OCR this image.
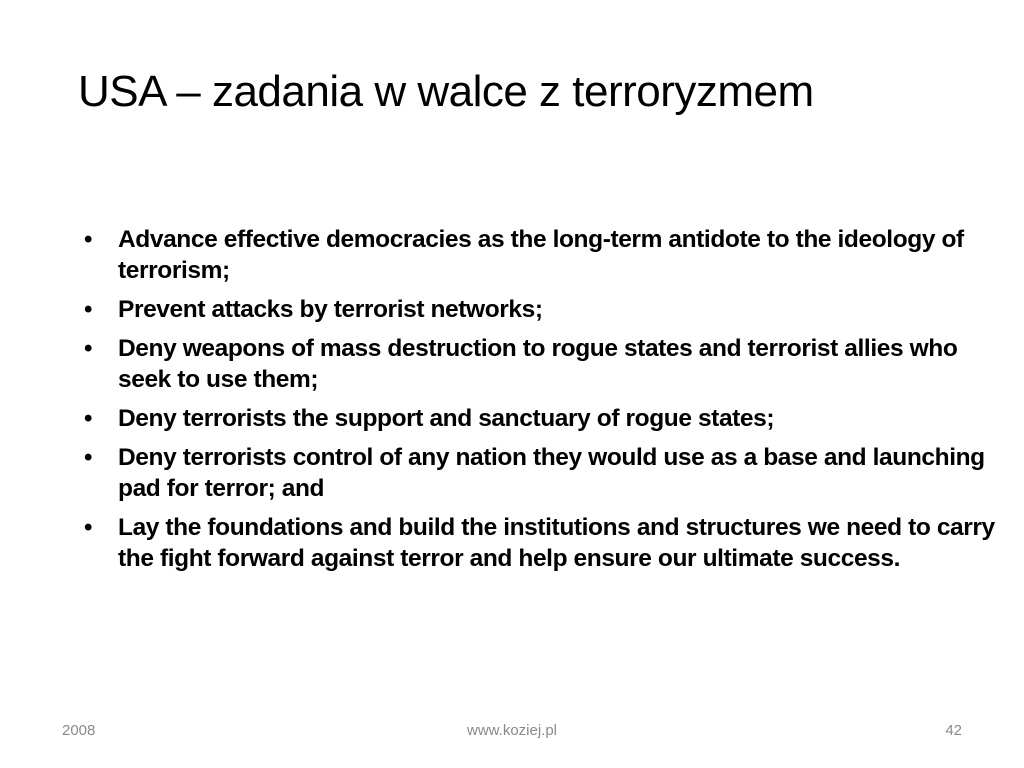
USA – zadania w walce z terroryzmem
• Advance effective democracies as the long-term antidote to the ideology of terrorism;
• Prevent attacks by terrorist networks;
• Deny weapons of mass destruction to rogue states and terrorist allies who seek to use them;
• Deny terrorists the support and sanctuary of rogue states;
• Deny terrorists control of any nation they would use as a base and launching pad for terror; and
• Lay the foundations and build the institutions and structures we need to carry the fight forward against terror and help ensure our ultimate success.
2008	www.koziej.pl	42
